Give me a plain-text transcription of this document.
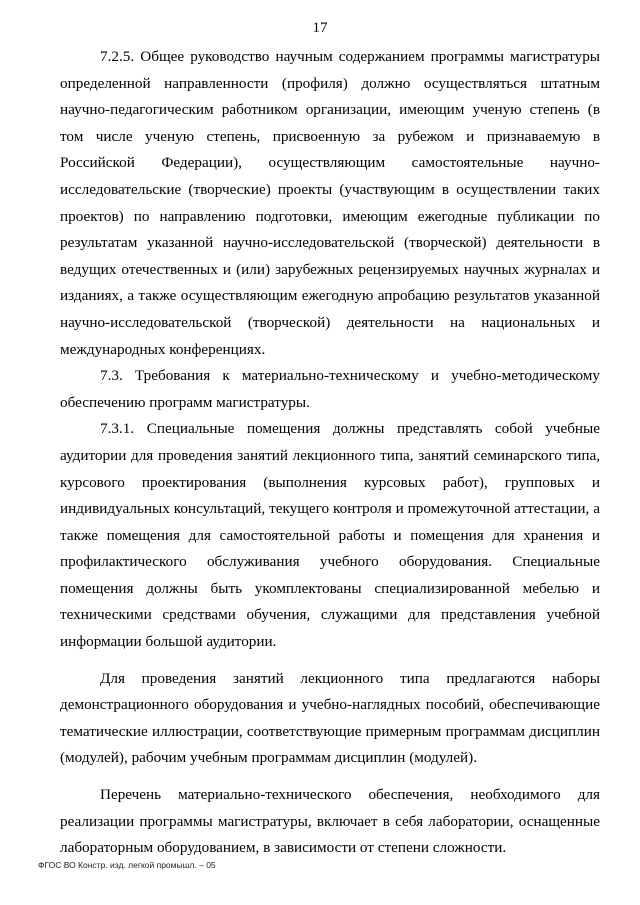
17

7.2.5. Общее руководство научным содержанием программы магистратуры определенной направленности (профиля) должно осуществляться штатным научно-педагогическим работником организации, имеющим ученую степень (в том числе ученую степень, присвоенную за рубежом и признаваемую в Российской Федерации), осуществляющим самостоятельные научно-исследовательские (творческие) проекты (участвующим в осуществлении таких проектов) по направлению подготовки, имеющим ежегодные публикации по результатам указанной научно-исследовательской (творческой) деятельности в ведущих отечественных и (или) зарубежных рецензируемых научных журналах и изданиях, а также осуществляющим ежегодную апробацию результатов указанной научно-исследовательской (творческой) деятельности на национальных и международных конференциях.

7.3. Требования к материально-техническому и учебно-методическому обеспечению программ магистратуры.

7.3.1. Специальные помещения должны представлять собой учебные аудитории для проведения занятий лекционного типа, занятий семинарского типа, курсового проектирования (выполнения курсовых работ), групповых и индивидуальных консультаций, текущего контроля и промежуточной аттестации, а также помещения для самостоятельной работы и помещения для хранения и профилактического обслуживания учебного оборудования. Специальные помещения должны быть укомплектованы специализированной мебелью и техническими средствами обучения, служащими для представления учебной информации большой аудитории.

Для проведения занятий лекционного типа предлагаются наборы демонстрационного оборудования и учебно-наглядных пособий, обеспечивающие тематические иллюстрации, соответствующие примерным программам дисциплин (модулей), рабочим учебным программам дисциплин (модулей).

Перечень материально-технического обеспечения, необходимого для реализации программы магистратуры, включает в себя лаборатории, оснащенные лабораторным оборудованием, в зависимости от степени сложности.

ФГОС ВО Констр. изд. легкой промышл. – 05
